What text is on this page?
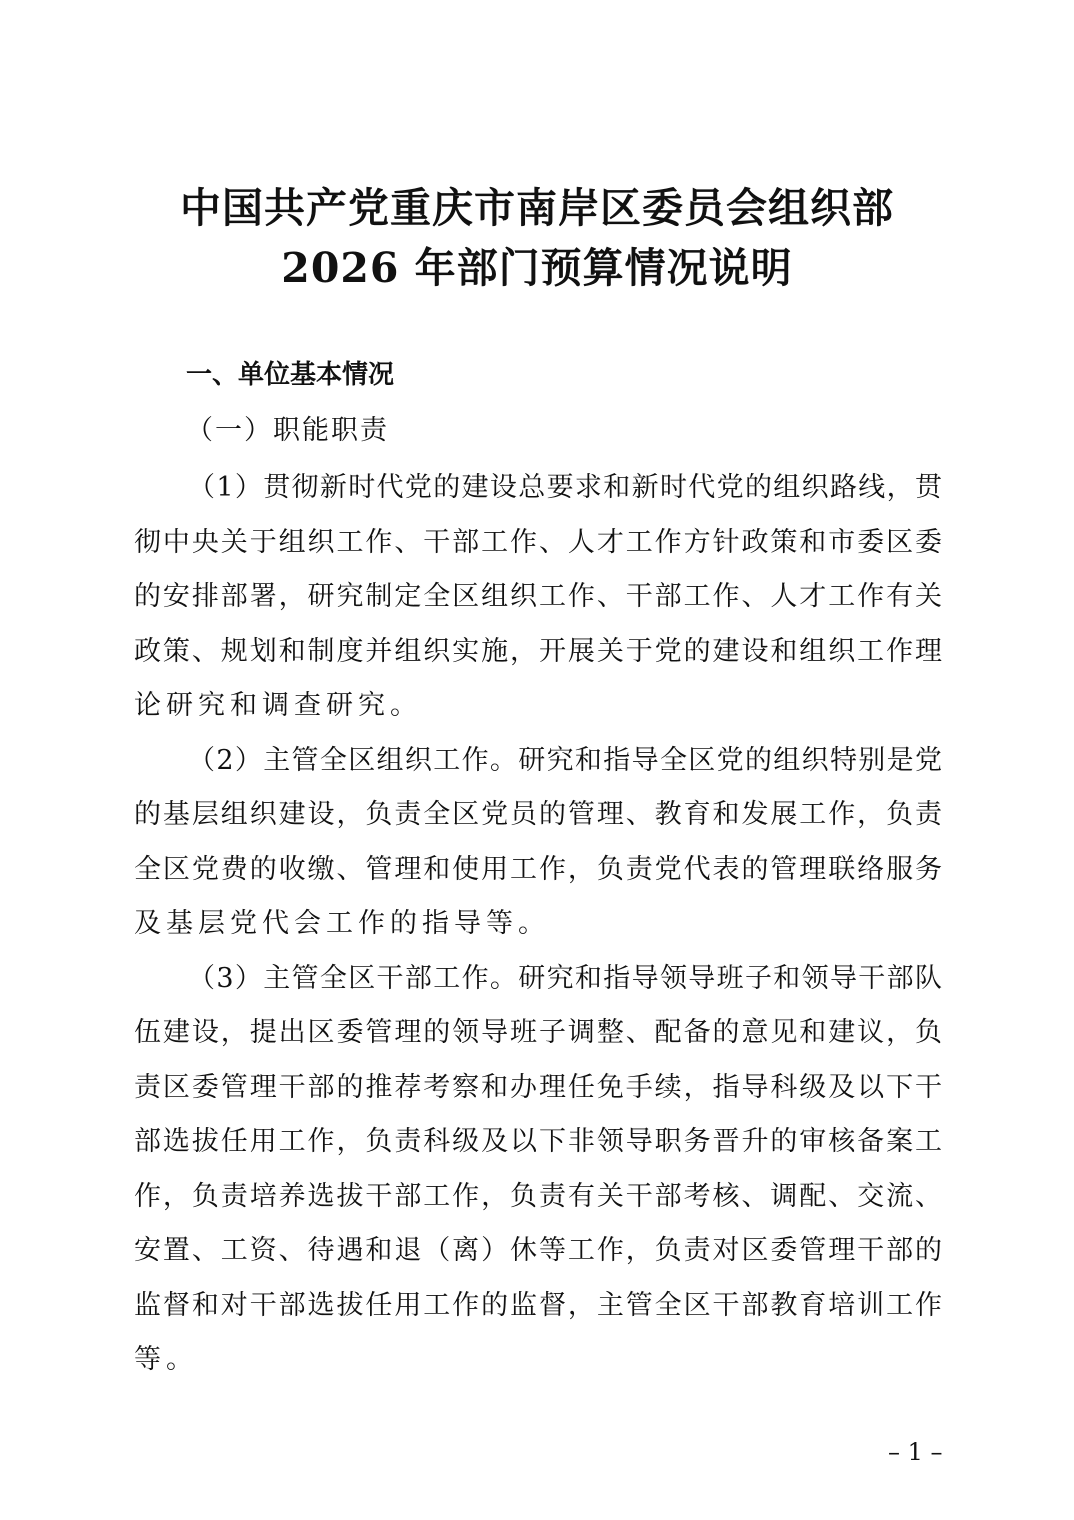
中国共产党重庆市南岸区委员会组织部
2026 年部门预算情况说明
一、单位基本情况
（一）职能职责
（1）贯彻新时代党的建设总要求和新时代党的组织路线，贯
彻中央关于组织工作、干部工作、人才工作方针政策和市委区委
的安排部署，研究制定全区组织工作、干部工作、人才工作有关
政策、规划和制度并组织实施，开展关于党的建设和组织工作理
论研究和调查研究。
（2）主管全区组织工作。研究和指导全区党的组织特别是党
的基层组织建设，负责全区党员的管理、教育和发展工作，负责
全区党费的收缴、管理和使用工作，负责党代表的管理联络服务
及基层党代会工作的指导等。
（3）主管全区干部工作。研究和指导领导班子和领导干部队
伍建设，提出区委管理的领导班子调整、配备的意见和建议，负
责区委管理干部的推荐考察和办理任免手续，指导科级及以下干
部选拔任用工作，负责科级及以下非领导职务晋升的审核备案工
作，负责培养选拔干部工作，负责有关干部考核、调配、交流、
安置、工资、待遇和退（离）休等工作，负责对区委管理干部的
监督和对干部选拔任用工作的监督，主管全区干部教育培训工作
等。
– 1 –
